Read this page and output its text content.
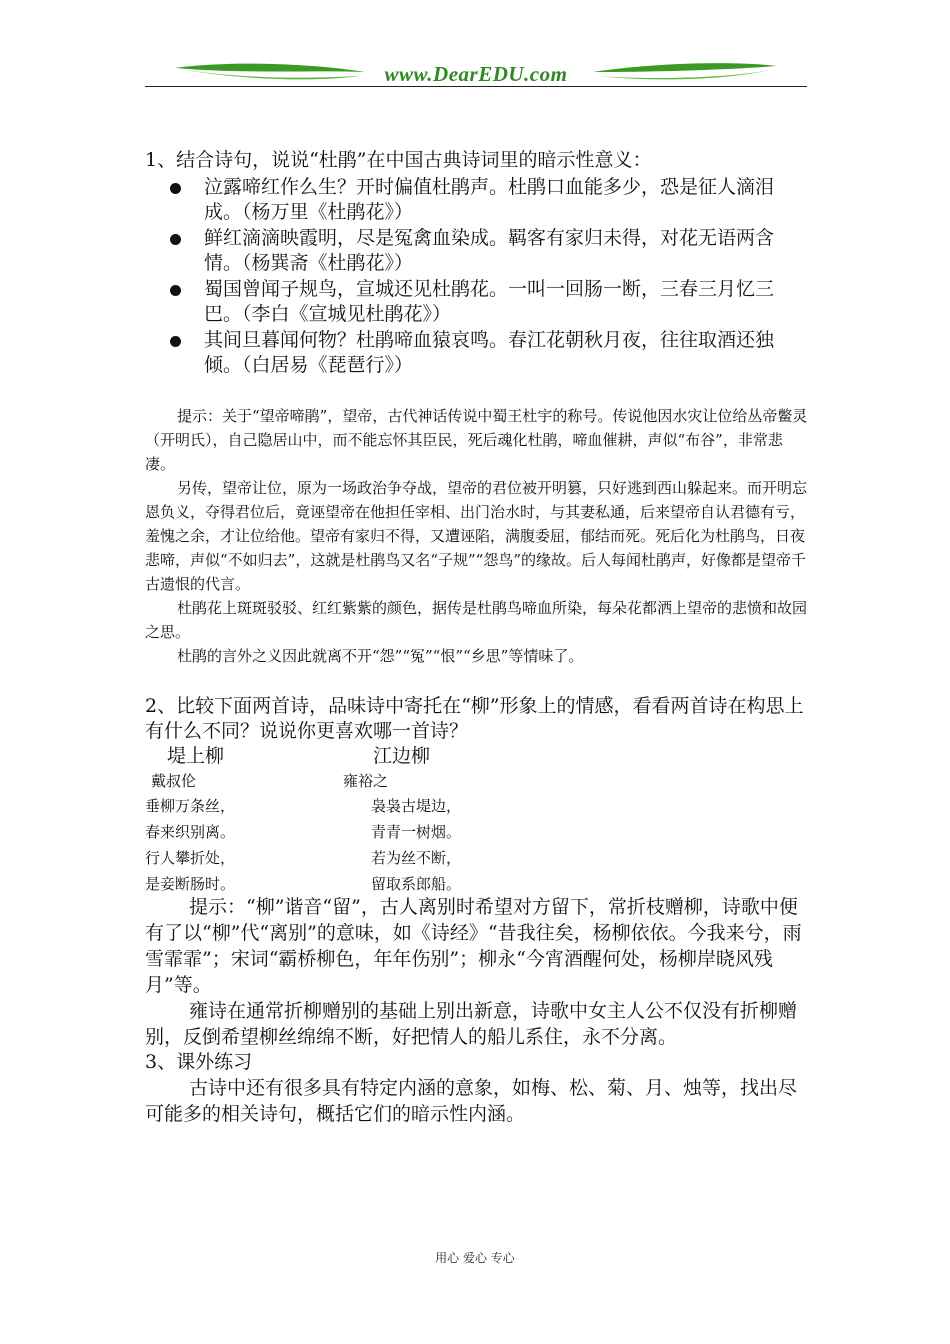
www.DearEDU.com

1、结合诗句，说说“杜鹃”在中国古典诗词里的暗示性意义：

泣露啼红作么生？开时偏值杜鹃声。杜鹃口血能多少，恐是征人滴泪成。（杨万里《杜鹃花》）
鲜红滴滴映霞明，尽是冤禽血染成。羁客有家归未得，对花无语两含情。（杨巽斋《杜鹃花》）
蜀国曾闻子规鸟，宣城还见杜鹃花。一叫一回肠一断，三春三月忆三巴。（李白《宣城见杜鹃花》）
其间旦暮闻何物？杜鹃啼血猿哀鸣。春江花朝秋月夜，往往取酒还独倾。（白居易《琵琶行》）

提示：关于“望帝啼鹃”，望帝，古代神话传说中蜀王杜宇的称号。传说他因水灾让位给丛帝鳖灵（开明氏），自己隐居山中，而不能忘怀其臣民，死后魂化杜鹃，啼血催耕，声似“布谷”，非常悲凄。

另传，望帝让位，原为一场政治争夺战，望帝的君位被开明篡，只好逃到西山躲起来。而开明忘恩负义，夺得君位后，竟诬望帝在他担任宰相、出门治水时，与其妻私通，后来望帝自认君德有亏，羞愧之余，才让位给他。望帝有家归不得，又遭诬陷，满腹委屈，郁结而死。死后化为杜鹃鸟，日夜悲啼，声似“不如归去”，这就是杜鹃鸟又名“子规”“怨鸟”的缘故。后人每闻杜鹃声，好像都是望帝千古遗恨的代言。

杜鹃花上斑斑驳驳、红红紫紫的颜色，据传是杜鹃鸟啼血所染，每朵花都洒上望帝的悲愤和故园之思。

杜鹃的言外之义因此就离不开“怨”“冤”“恨”“乡思”等情味了。

2、比较下面两首诗，品味诗中寄托在“柳”形象上的情感，看看两首诗在构思上有什么不同？说说你更喜欢哪一首诗？

堤上柳
戴叔伦
垂柳万条丝，
春来织别离。
行人攀折处，
是妾断肠时。
江边柳
雍裕之
袅袅古堤边，
青青一树烟。
若为丝不断，
留取系郎船。

提示：“柳”谐音“留”，古人离别时希望对方留下，常折枝赠柳，诗歌中便有了以“柳”代“离别”的意味，如《诗经》“昔我往矣，杨柳依依。今我来兮，雨雪霏霏”；宋词“霸桥柳色，年年伤别”；柳永“今宵酒醒何处，杨柳岸晓风残月”等。

雍诗在通常折柳赠别的基础上别出新意，诗歌中女主人公不仅没有折柳赠别，反倒希望柳丝绵绵不断，好把情人的船儿系住，永不分离。

3、课外练习

古诗中还有很多具有特定内涵的意象，如梅、松、菊、月、烛等，找出尽可能多的相关诗句，概括它们的暗示性内涵。

用心 爱心 专心
